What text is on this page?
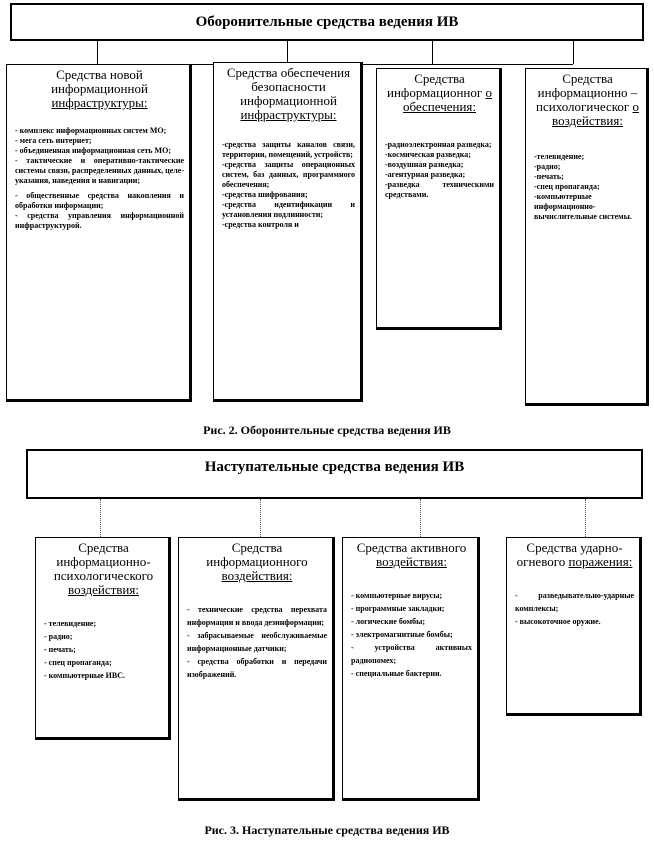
Оборонительные средства ведения ИВ
Средства новой информационной инфраструктуры:
- комплекс информационных систем МО;
- мега сеть интернет;
- объединенная информационная сеть МО;
- тактические и оперативно-тактические системы связи, распределенных данных, целе-указания, наведения и навигации;
- общественные средства накопления и обработки информации;
- средства управления информационной инфраструктурой.
Средства обеспечения безопасности информационной инфраструктуры:
-средства защиты каналов связи, территории, помещений, устройств;
-средства защиты операционных систем, баз данных, программного обеспечения;
-средства шифрования;
-средства идентификации и установления подлинности;
-средства контроля и
Средства информационног о обеспечения:
-радиоэлектронная разведка;
-космическая разведка;
-воздушная разведка;
-агентурная разведка;
-разведка техническими средствами.
Средства информационно – психологическог о воздействия:
-телевидение;
-радио;
-печать;
-спец пропаганда;
-компьютерные информационно-вычислительные системы.
Рис. 2. Оборонительные средства ведения ИВ
Наступательные средства ведения ИВ
Средства информационно-психологического воздействия:
- телевидение;
- радио;
- печать;
- спец пропаганда;
- компьютерные ИВС.
Средства информационного воздействия:
- технические средства перехвата информации и ввода дезинформации;
- забрасываемые необслуживаемые информационные датчики;
- средства обработки и передачи изображений.
Средства активного воздействия:
- компьютерные вирусы;
- программные закладки;
- логические бомбы;
- электромагнитные бомбы;
- устройства активных радиопомех;
- специальные бактерии.
Средства ударно-огневого поражения:
- разведывательно-ударные комплексы;
- высокоточное оружие.
Рис. 3. Наступательные средства ведения ИВ
